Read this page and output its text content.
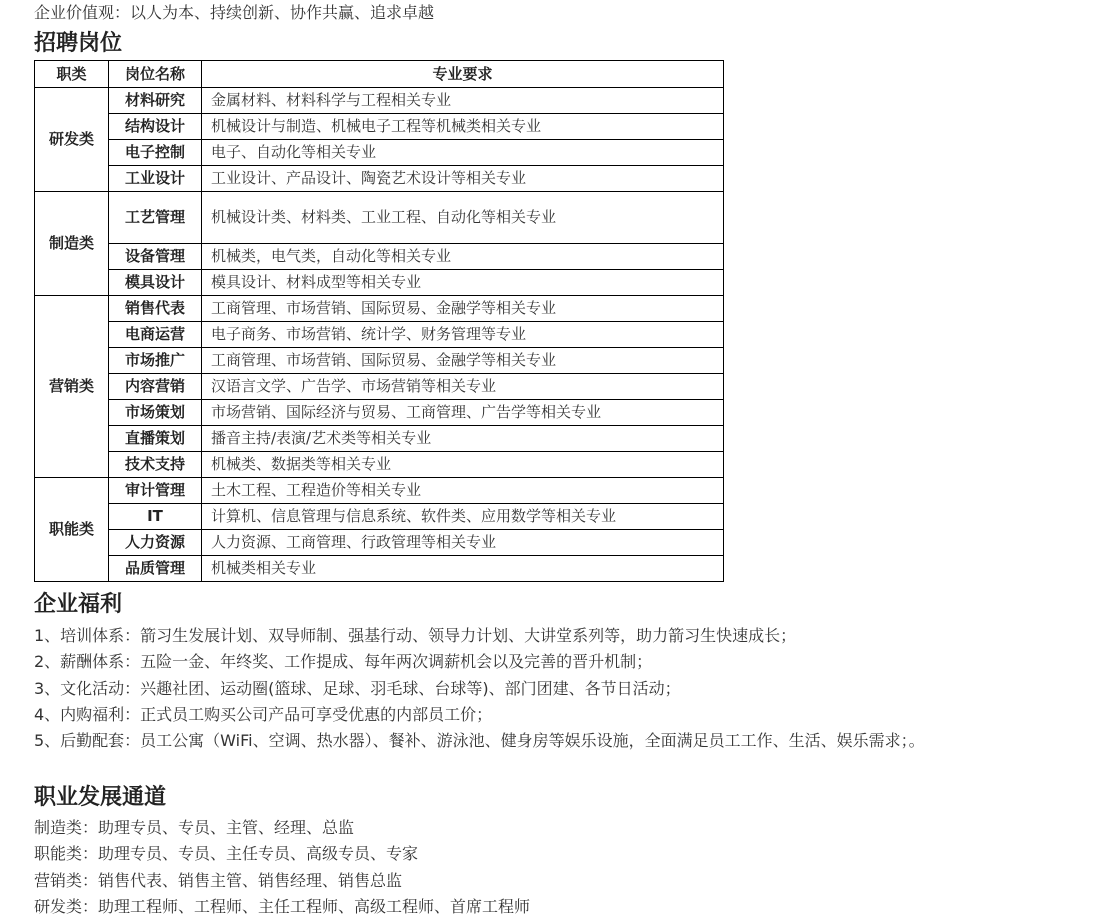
企业价值观：以人为本、持续创新、协作共赢、追求卓越
招聘岗位
职类	岗位名称	专业要求
研发类	材料研究	金属材料、材料科学与工程相关专业
	结构设计	机械设计与制造、机械电子工程等机械类相关专业
	电子控制	电子、自动化等相关专业
	工业设计	工业设计、产品设计、陶瓷艺术设计等相关专业
制造类	工艺管理	机械设计类、材料类、工业工程、自动化等相关专业
	设备管理	机械类，电气类，自动化等相关专业
	模具设计	模具设计、材料成型等相关专业
营销类	销售代表	工商管理、市场营销、国际贸易、金融学等相关专业
	电商运营	电子商务、市场营销、统计学、财务管理等专业
	市场推广	工商管理、市场营销、国际贸易、金融学等相关专业
	内容营销	汉语言文学、广告学、市场营销等相关专业
	市场策划	市场营销、国际经济与贸易、工商管理、广告学等相关专业
	直播策划	播音主持/表演/艺术类等相关专业
	技术支持	机械类、数据类等相关专业
职能类	审计管理	土木工程、工程造价等相关专业
	IT	计算机、信息管理与信息系统、软件类、应用数学等相关专业
	人力资源	人力资源、工商管理、行政管理等相关专业
	品质管理	机械类相关专业
企业福利
1、培训体系：箭习生发展计划、双导师制、强基行动、领导力计划、大讲堂系列等，助力箭习生快速成长；
2、薪酬体系：五险一金、年终奖、工作提成、每年两次调薪机会以及完善的晋升机制；
3、文化活动：兴趣社团、运动圈(篮球、足球、羽毛球、台球等)、部门团建、各节日活动；
4、内购福利：正式员工购买公司产品可享受优惠的内部员工价；
5、后勤配套：员工公寓（WiFi、空调、热水器）、餐补、游泳池、健身房等娱乐设施，全面满足员工工作、生活、娱乐需求；。
职业发展通道
制造类：助理专员、专员、主管、经理、总监
职能类：助理专员、专员、主任专员、高级专员、专家
营销类：销售代表、销售主管、销售经理、销售总监
研发类：助理工程师、工程师、主任工程师、高级工程师、首席工程师
